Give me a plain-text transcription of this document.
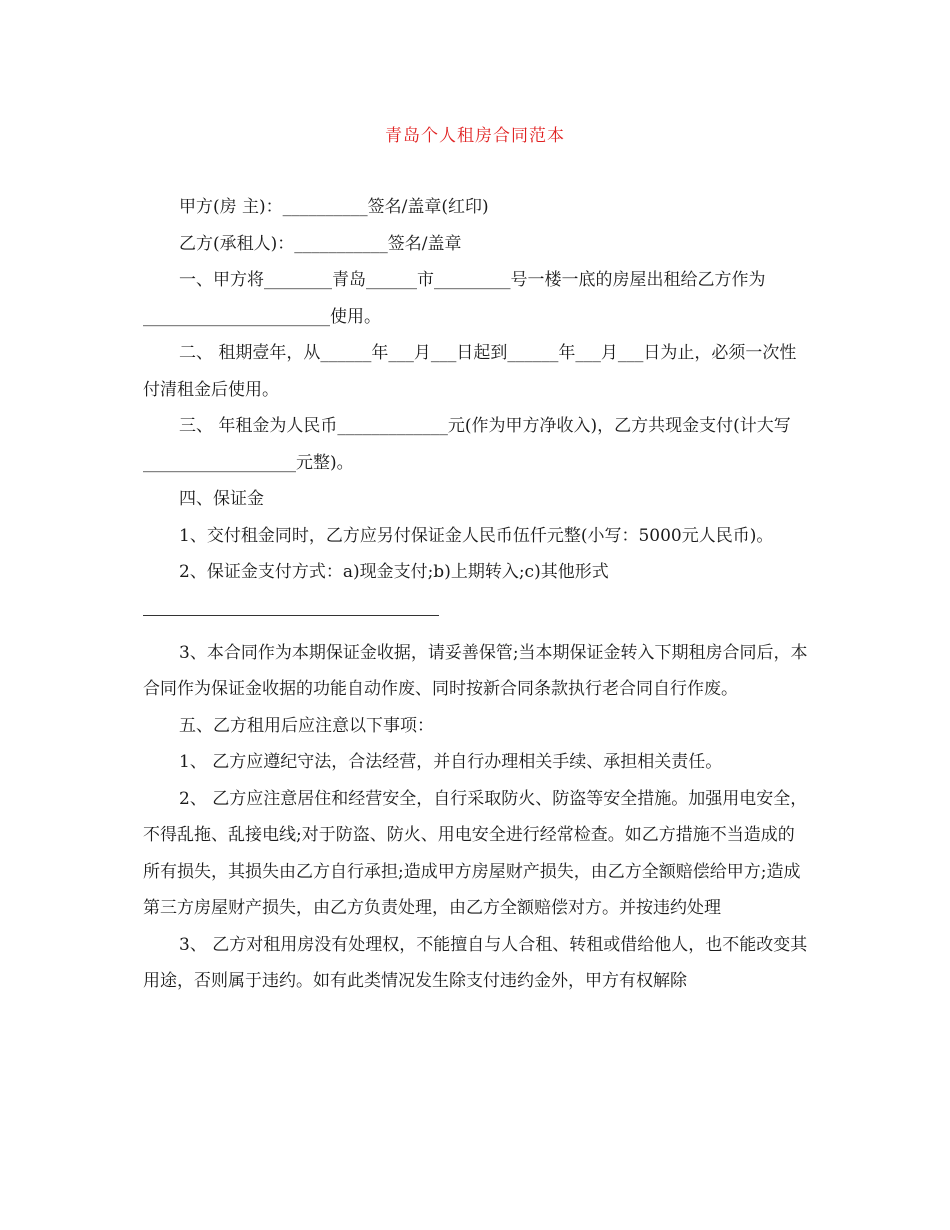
青岛个人租房合同范本

甲方(房 主)：__________签名/盖章(红印)

乙方(承租人)：___________签名/盖章

一、甲方将________青岛______市_________号一楼一底的房屋出租给乙方作为______________________使用。

二、 租期壹年，从______年___月___日起到______年___月___日为止，必须一次性付清租金后使用。

三、 年租金为人民币_____________元(作为甲方净收入)，乙方共现金支付(计大写__________________元整)。

四、保证金

1、交付租金同时，乙方应另付保证金人民币伍仟元整(小写：5000元人民币)。

2、保证金支付方式：a)现金支付;b)上期转入;c)其他形式

3、本合同作为本期保证金收据，请妥善保管;当本期保证金转入下期租房合同后，本合同作为保证金收据的功能自动作废、同时按新合同条款执行老合同自行作废。

五、乙方租用后应注意以下事项：

1、 乙方应遵纪守法，合法经营，并自行办理相关手续、承担相关责任。

2、 乙方应注意居住和经营安全，自行采取防火、防盗等安全措施。加强用电安全，不得乱拖、乱接电线;对于防盗、防火、用电安全进行经常检查。如乙方措施不当造成的所有损失，其损失由乙方自行承担;造成甲方房屋财产损失，由乙方全额赔偿给甲方;造成第三方房屋财产损失，由乙方负责处理，由乙方全额赔偿对方。并按违约处理

3、 乙方对租用房没有处理权，不能擅自与人合租、转租或借给他人，也不能改变其用途，否则属于违约。如有此类情况发生除支付违约金外，甲方有权解除
